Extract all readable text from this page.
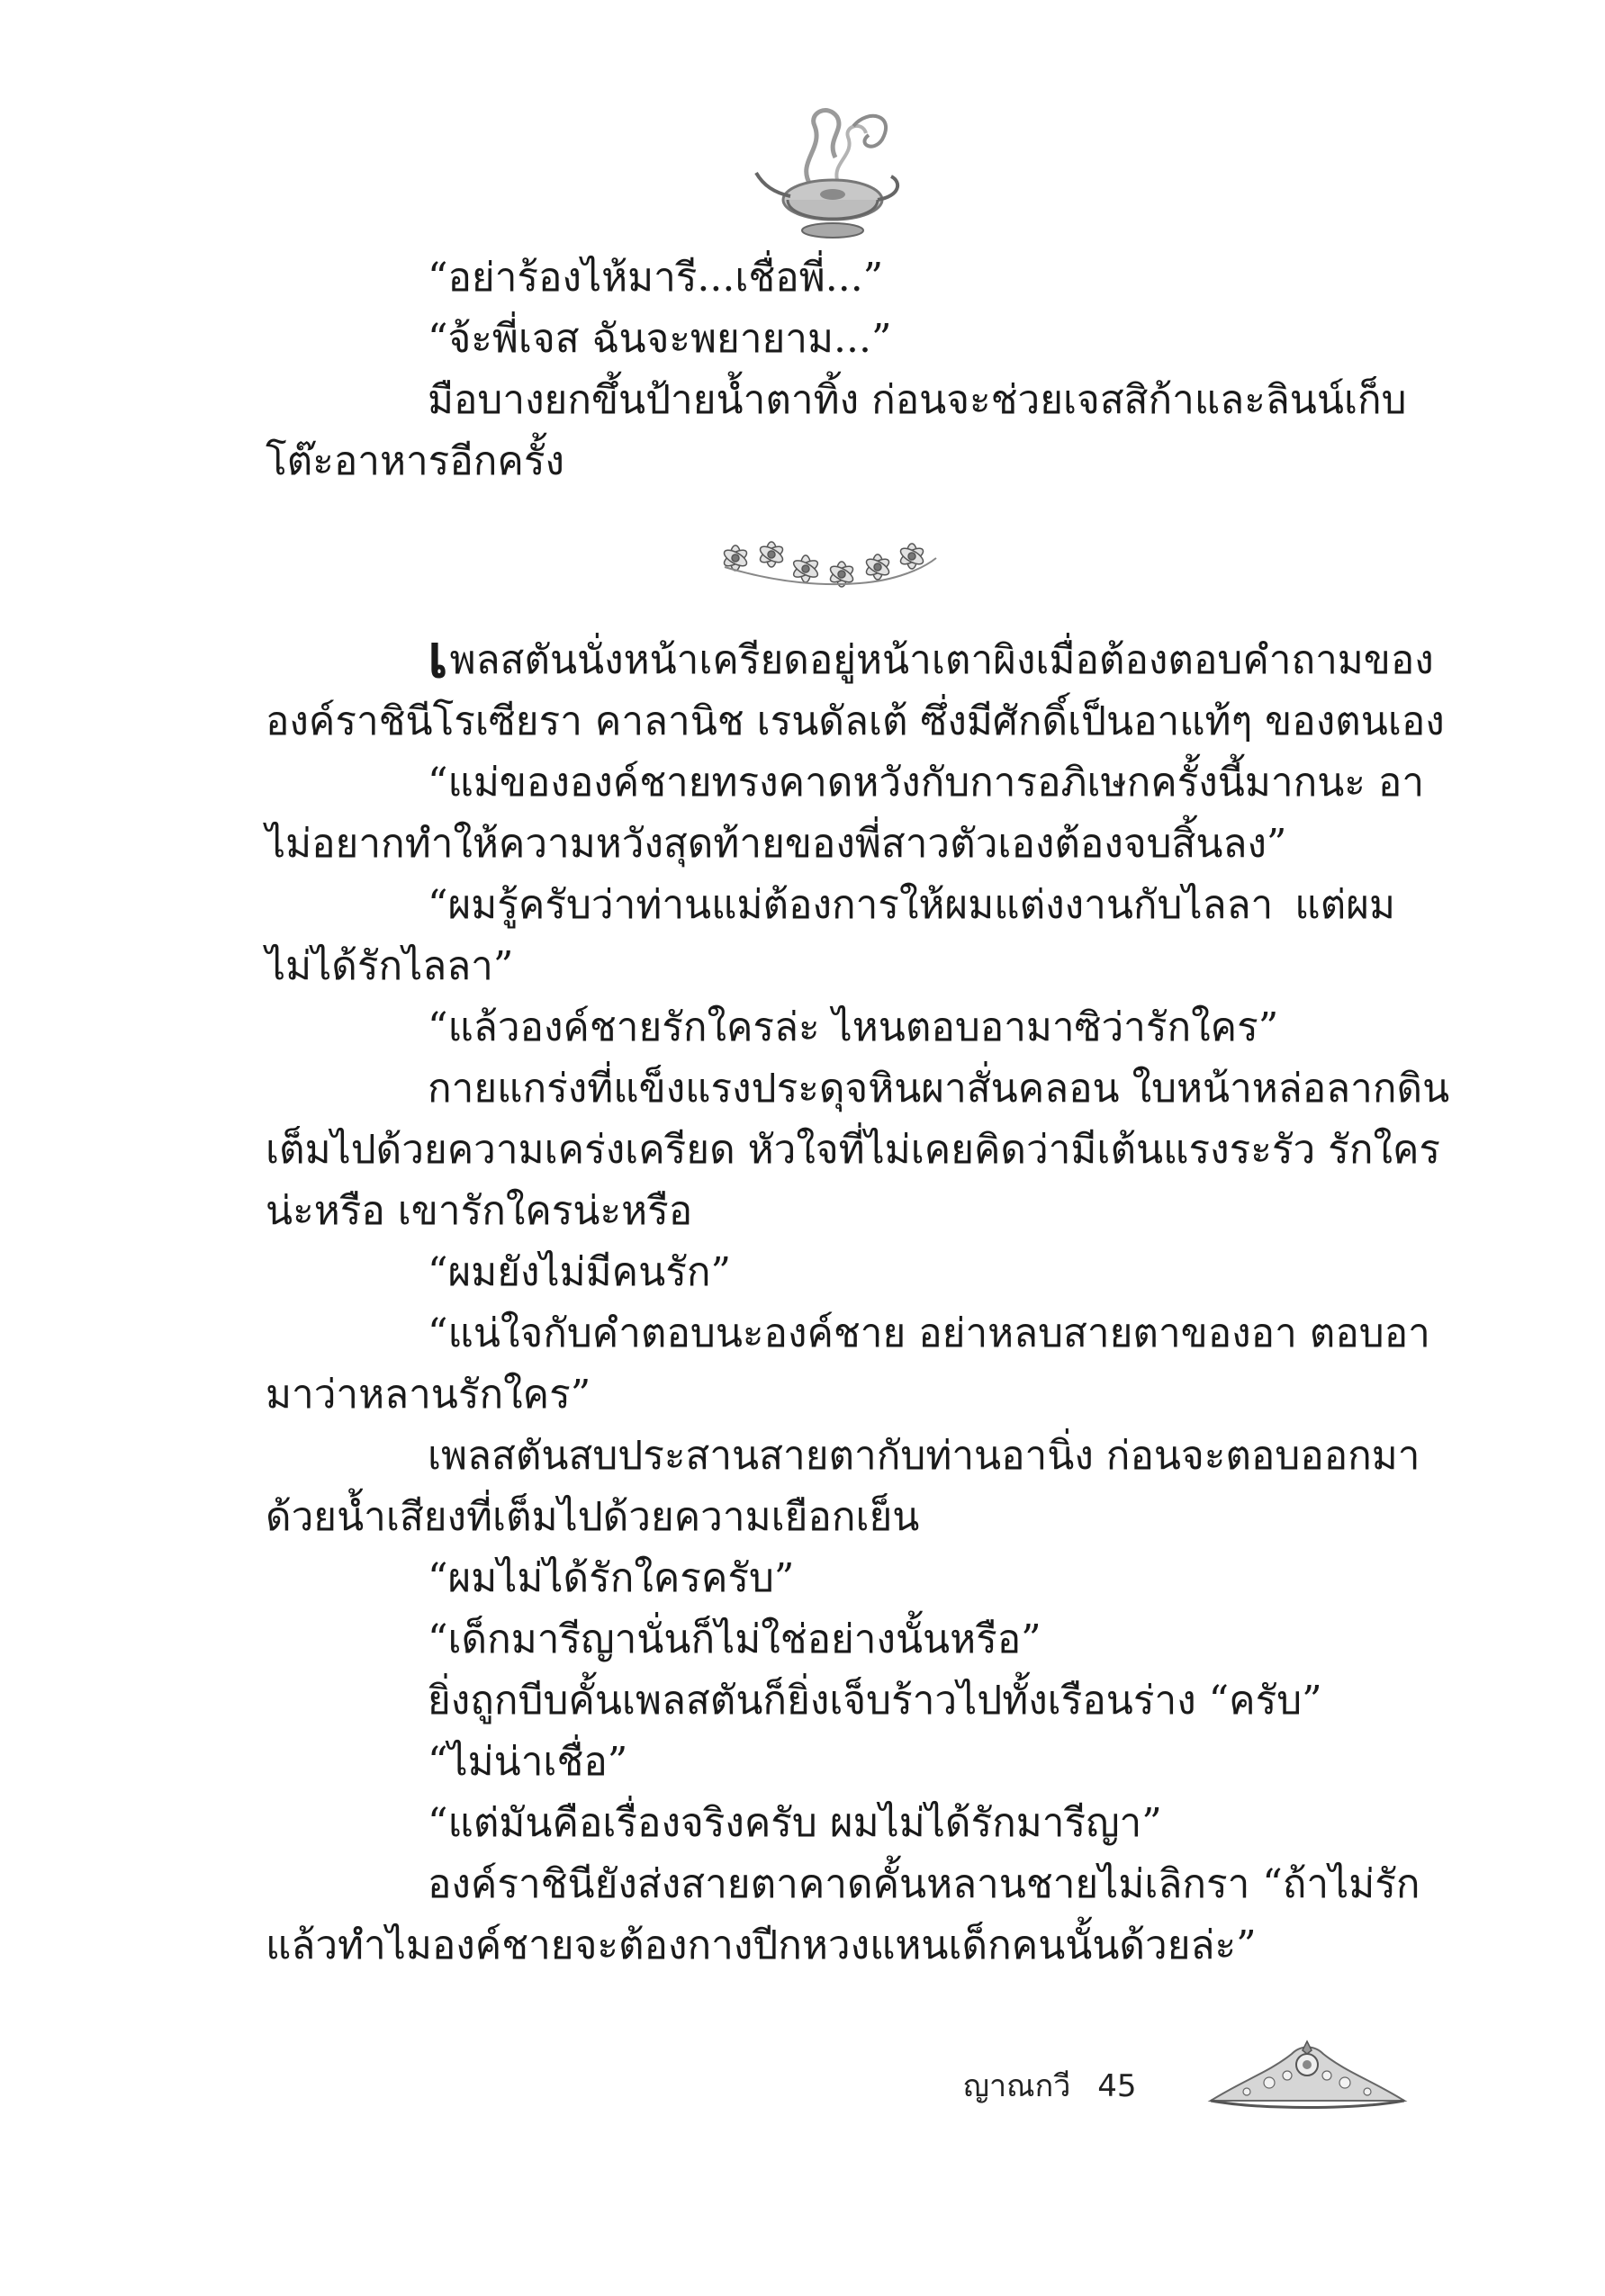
“อย่าร้องไห้มารี...เชื่อพี่...”
“จ้ะพี่เจส ฉันจะพยายาม...”
มือบางยกขึ้นป้ายน้ำตาทิ้ง ก่อนจะช่วยเจสสิก้าและลินน์เก็บ
โต๊ะอาหารอีกครั้ง
เพลสตันนั่งหน้าเครียดอยู่หน้าเตาผิงเมื่อต้องตอบคำถามของ
องค์ราชินีโรเซียรา คาลานิช เรนดัลเต้ ซึ่งมีศักดิ์เป็นอาแท้ๆ ของตนเอง
“แม่ขององค์ชายทรงคาดหวังกับการอภิเษกครั้งนี้มากนะ อา
ไม่อยากทำให้ความหวังสุดท้ายของพี่สาวตัวเองต้องจบสิ้นลง”
“ผมรู้ครับว่าท่านแม่ต้องการให้ผมแต่งงานกับไลลา แต่ผม
ไม่ได้รักไลลา”
“แล้วองค์ชายรักใครล่ะ ไหนตอบอามาซิว่ารักใคร”
กายแกร่งที่แข็งแรงประดุจหินผาสั่นคลอน ใบหน้าหล่อลากดิน
เต็มไปด้วยความเคร่งเครียด หัวใจที่ไม่เคยคิดว่ามีเต้นแรงระรัว รักใคร
น่ะหรือ เขารักใครน่ะหรือ
“ผมยังไม่มีคนรัก”
“แน่ใจกับคำตอบนะองค์ชาย อย่าหลบสายตาของอา ตอบอา
มาว่าหลานรักใคร”
เพลสตันสบประสานสายตากับท่านอานิ่ง ก่อนจะตอบออกมา
ด้วยน้ำเสียงที่เต็มไปด้วยความเยือกเย็น
“ผมไม่ได้รักใครครับ”
“เด็กมารีญานั่นก็ไม่ใช่อย่างนั้นหรือ”
ยิ่งถูกบีบคั้นเพลสตันก็ยิ่งเจ็บร้าวไปทั้งเรือนร่าง “ครับ”
“ไม่น่าเชื่อ”
“แต่มันคือเรื่องจริงครับ ผมไม่ได้รักมารีญา”
องค์ราชินียังส่งสายตาคาดคั้นหลานชายไม่เลิกรา “ถ้าไม่รัก
แล้วทำไมองค์ชายจะต้องกางปีกหวงแหนเด็กคนนั้นด้วยล่ะ”
ญาณกวี 45
